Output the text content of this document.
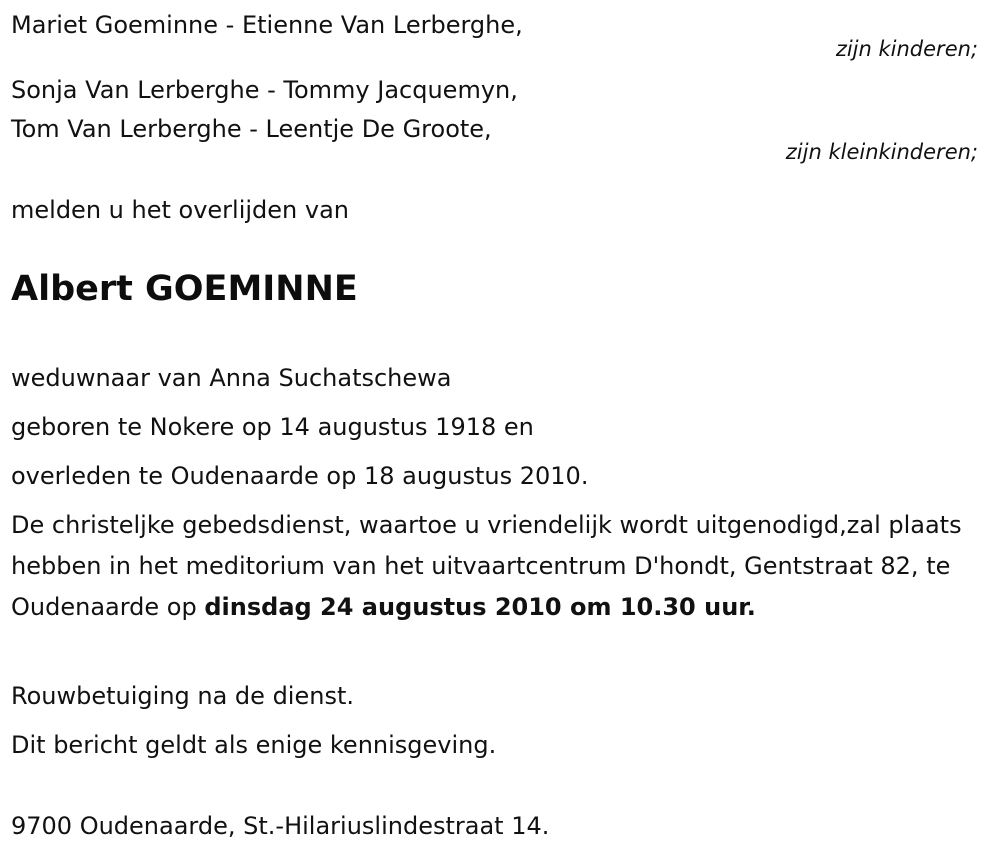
Mariet Goeminne - Etienne Van Lerberghe,
zijn kinderen;
Sonja Van Lerberghe - Tommy Jacquemyn,
Tom Van Lerberghe - Leentje De Groote,
zijn kleinkinderen;
melden u het overlijden van
Albert GOEMINNE
weduwnaar van Anna Suchatschewa
geboren te Nokere op 14 augustus 1918 en
overleden te Oudenaarde op 18 augustus 2010.
De christeljke gebedsdienst, waartoe u vriendelijk wordt uitgenodigd,zal plaats hebben in het meditorium van het uitvaartcentrum D'hondt, Gentstraat 82, te Oudenaarde op dinsdag 24 augustus 2010 om 10.30 uur.
Rouwbetuiging na de dienst.
Dit bericht geldt als enige kennisgeving.
9700 Oudenaarde, St.-Hilariuslindestraat 14.
